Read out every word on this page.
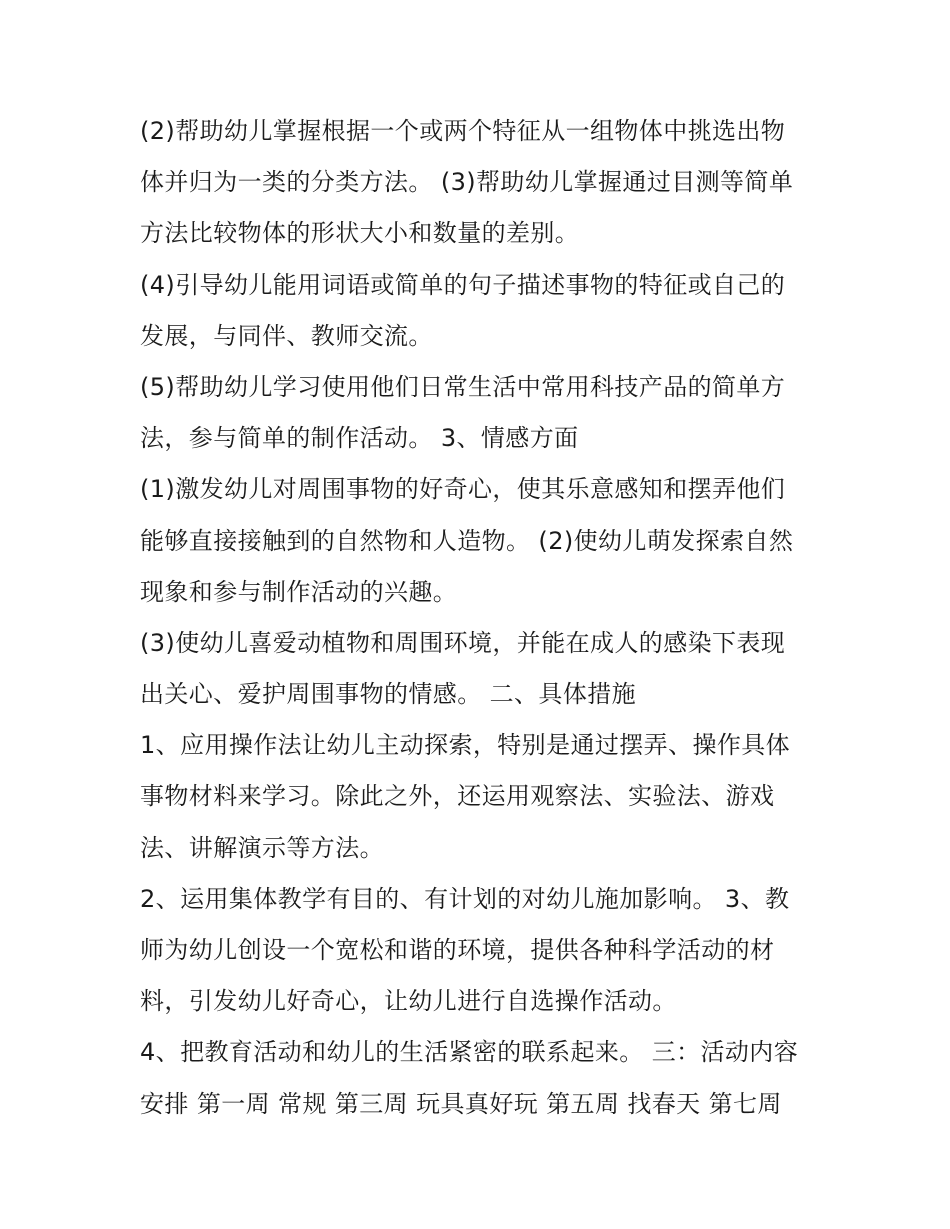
(2)帮助幼儿掌握根据一个或两个特征从一组物体中挑选出物
体并归为一类的分类方法。 (3)帮助幼儿掌握通过目测等简单
方法比较物体的形状大小和数量的差别。
(4)引导幼儿能用词语或简单的句子描述事物的特征或自己的
发展，与同伴、教师交流。
(5)帮助幼儿学习使用他们日常生活中常用科技产品的简单方
法，参与简单的制作活动。 3、情感方面
(1)激发幼儿对周围事物的好奇心，使其乐意感知和摆弄他们
能够直接接触到的自然物和人造物。 (2)使幼儿萌发探索自然
现象和参与制作活动的兴趣。
(3)使幼儿喜爱动植物和周围环境，并能在成人的感染下表现
出关心、爱护周围事物的情感。 二、具体措施
1、应用操作法让幼儿主动探索，特别是通过摆弄、操作具体
事物材料来学习。除此之外，还运用观察法、实验法、游戏
法、讲解演示等方法。
2、运用集体教学有目的、有计划的对幼儿施加影响。 3、教
师为幼儿创设一个宽松和谐的环境，提供各种科学活动的材
料，引发幼儿好奇心，让幼儿进行自选操作活动。
4、把教育活动和幼儿的生活紧密的联系起来。 三：活动内容
安排 第一周 常规 第三周 玩具真好玩 第五周 找春天 第七周
